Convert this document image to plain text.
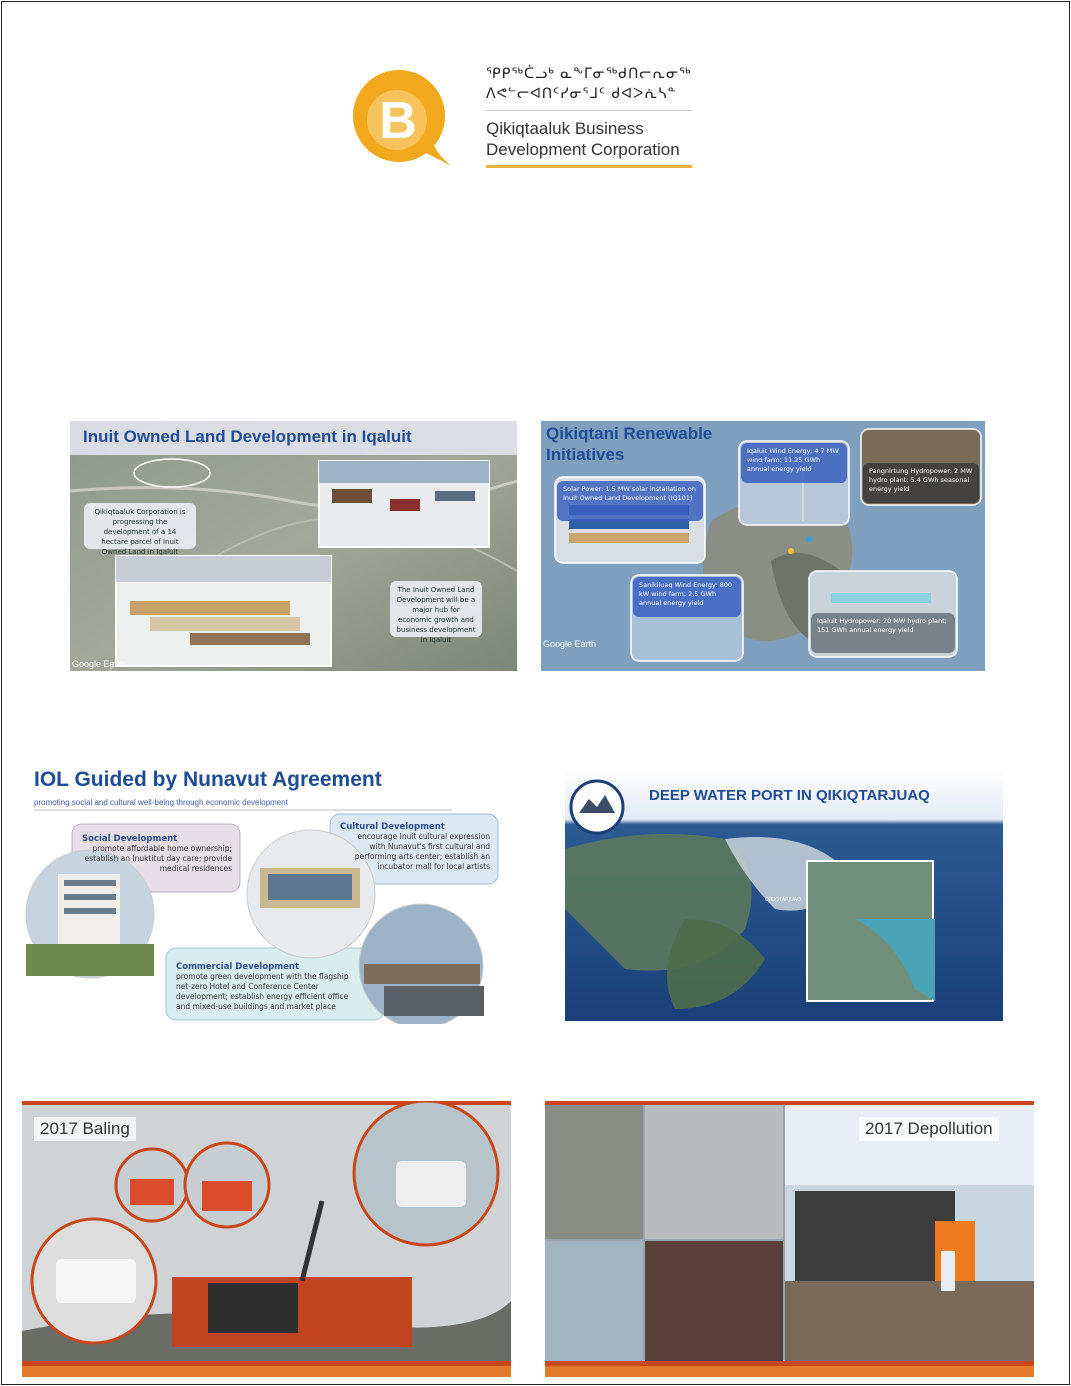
B
ᕿᑭᖅᑖᓗᒃ ᓇᖕᒥᓂᖅᑯᑎᓕᕆᓂᖅ
ᐱᕙᓪᓕᐊᑎᑦᓯᓂᕐᒧᑦ ᑯᐊᐳᕇᓴᓐ
Qikiqtaaluk Business
Development Corporation
Inuit Owned Land Development in Iqaluit
Qikiqtaaluk Corporation is progressing the development of a 14 hectare parcel of Inuit Owned Land in Iqaluit
The Inuit Owned Land Development will be a major hub for economic growth and business development in Iqaluit
Google Earth
Qikiqtani Renewable
Initiatives
Solar Power: 1.5 MW solar installation on Inuit Owned Land Development (IQ101)
Iqaluit Wind Energy: 4.7 MW wind farm; 11.25 GWh annual energy yield	Pangnirtung Hydropower: 2 MW hydro plant; 5.4 GWh seasonal energy yield
Sanikiluaq Wind Energy: 800 kW wind farm; 2.5 GWh annual energy yield
Iqaluit Hydropower: 20 MW hydro plant; 151 GWh annual energy yield
Google Earth
IOL Guided by Nunavut Agreement
promoting social and cultural well-being through economic development
Social Development
promote affordable home ownership; establish an Inuktitut day care; provide medical residences
Cultural Development
encourage Inuit cultural expression with Nunavut's first cultural and performing arts center; establish an incubator mall for local artists
Commercial Development
promote green development with the flagship net-zero Hotel and Conference Center development; establish energy efficient office and mixed-use buildings and market place
DEEP WATER PORT IN QIKIQTARJUAQ
QIKIQTARJUAQ
2017 Baling	2017 Depollution
